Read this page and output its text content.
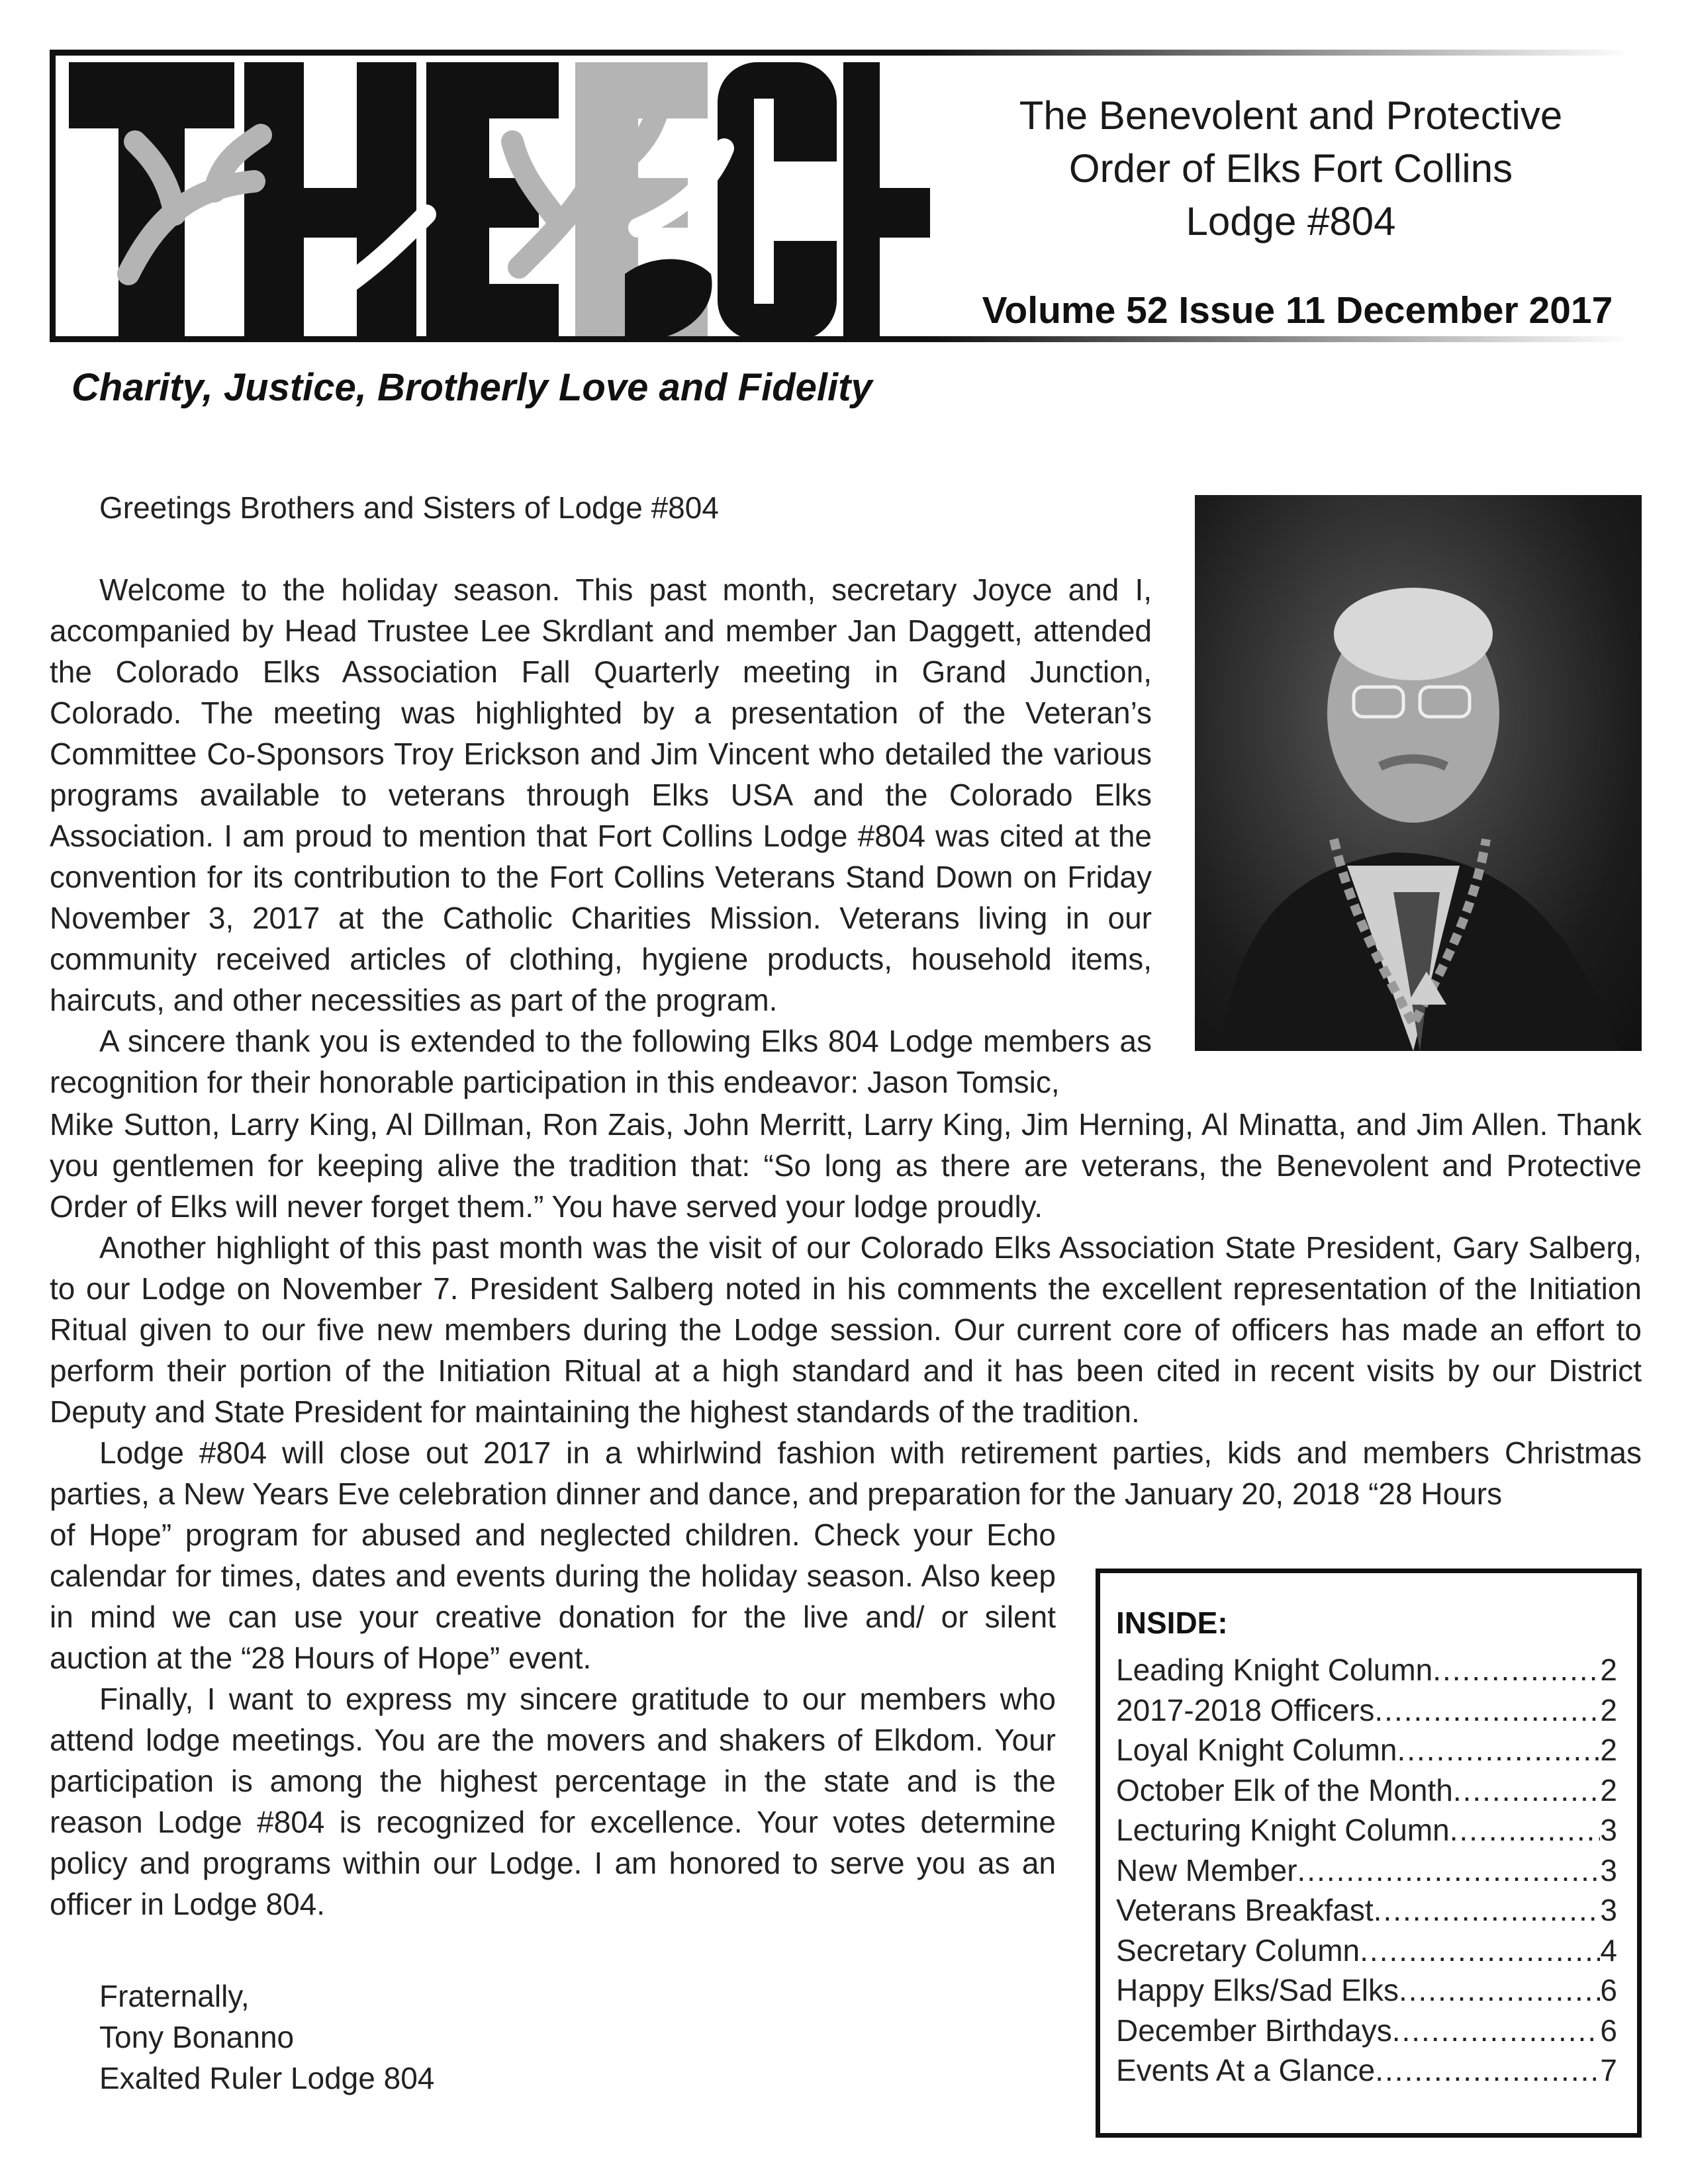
The Benevolent and Protective
Order of Elks Fort Collins
Lodge #804
Volume 52 Issue 11 December 2017
Charity, Justice, Brotherly Love and Fidelity
Greetings Brothers and Sisters of Lodge #804

Welcome to the holiday season. This past month, secretary Joyce and I, accompanied by Head Trustee Lee Skrdlant and member Jan Daggett, attended the Colorado Elks Association Fall Quarterly meeting in Grand Junction, Colorado. The meeting was highlighted by a presentation of the Veteran’s Committee Co-Sponsors Troy Erickson and Jim Vincent who detailed the various programs available to veterans through Elks USA and the Colorado Elks Association. I am proud to mention that Fort Collins Lodge #804 was cited at the convention for its contribution to the Fort Collins Veterans Stand Down on Friday November 3, 2017 at the Catholic Charities Mission. Veterans living in our community received articles of clothing, hygiene products, household items, haircuts, and other necessities as part of the program.

A sincere thank you is extended to the following Elks 804 Lodge members as recognition for their honorable participation in this endeavor: Jason Tomsic,

Mike Sutton, Larry King, Al Dillman, Ron Zais, John Merritt, Larry King, Jim Herning, Al Minatta, and Jim Allen. Thank you gentlemen for keeping alive the tradition that: “So long as there are veterans, the Benevolent and Protective Order of Elks will never forget them.” You have served your lodge proudly.

Another highlight of this past month was the visit of our Colorado Elks Association State President, Gary Salberg, to our Lodge on November 7. President Salberg noted in his comments the excellent representation of the Initiation Ritual given to our five new members during the Lodge session. Our current core of officers has made an effort to perform their portion of the Initiation Ritual at a high standard and it has been cited in recent visits by our District Deputy and State President for maintaining the highest standards of the tradition.

Lodge #804 will close out 2017 in a whirlwind fashion with retirement parties, kids and members Christmas parties, a New Years Eve celebration dinner and dance, and preparation for the January 20, 2018 “28 Hours

of Hope” program for abused and neglected children. Check your Echo calendar for times, dates and events during the holiday season. Also keep in mind we can use your creative donation for the live and/ or silent auction at the “28 Hours of Hope” event.

Finally, I want to express my sincere gratitude to our members who attend lodge meetings. You are the movers and shakers of Elkdom. Your participation is among the highest percentage in the state and is the reason Lodge #804 is recognized for excellence. Your votes determine policy and programs within our Lodge. I am honored to serve you as an officer in Lodge 804.

Fraternally,
Tony Bonanno
Exalted Ruler Lodge 804
INSIDE:
Leading Knight Column .....	2
2017-2018 Officers .....	2
Loyal Knight Column .....	2
October Elk of the Month .....	2
Lecturing Knight Column .....	3
New Member .....	3
Veterans Breakfast .....	3
Secretary Column .....	4
Happy Elks/Sad Elks .....	6
December Birthdays .....	6
Events At a Glance .....	7
